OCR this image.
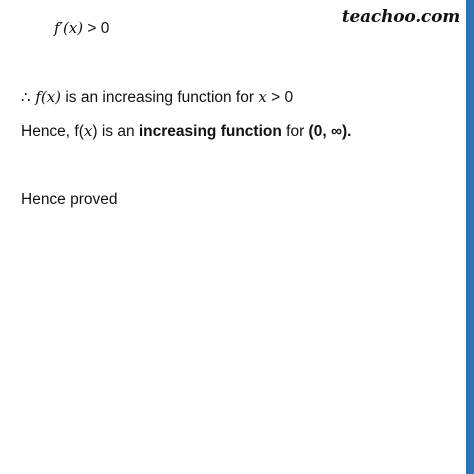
teachoo.com
f′(x) > 0
∴ f(x) is an increasing function for x > 0
Hence, f(x) is an increasing function for (0, ∞).
Hence proved
